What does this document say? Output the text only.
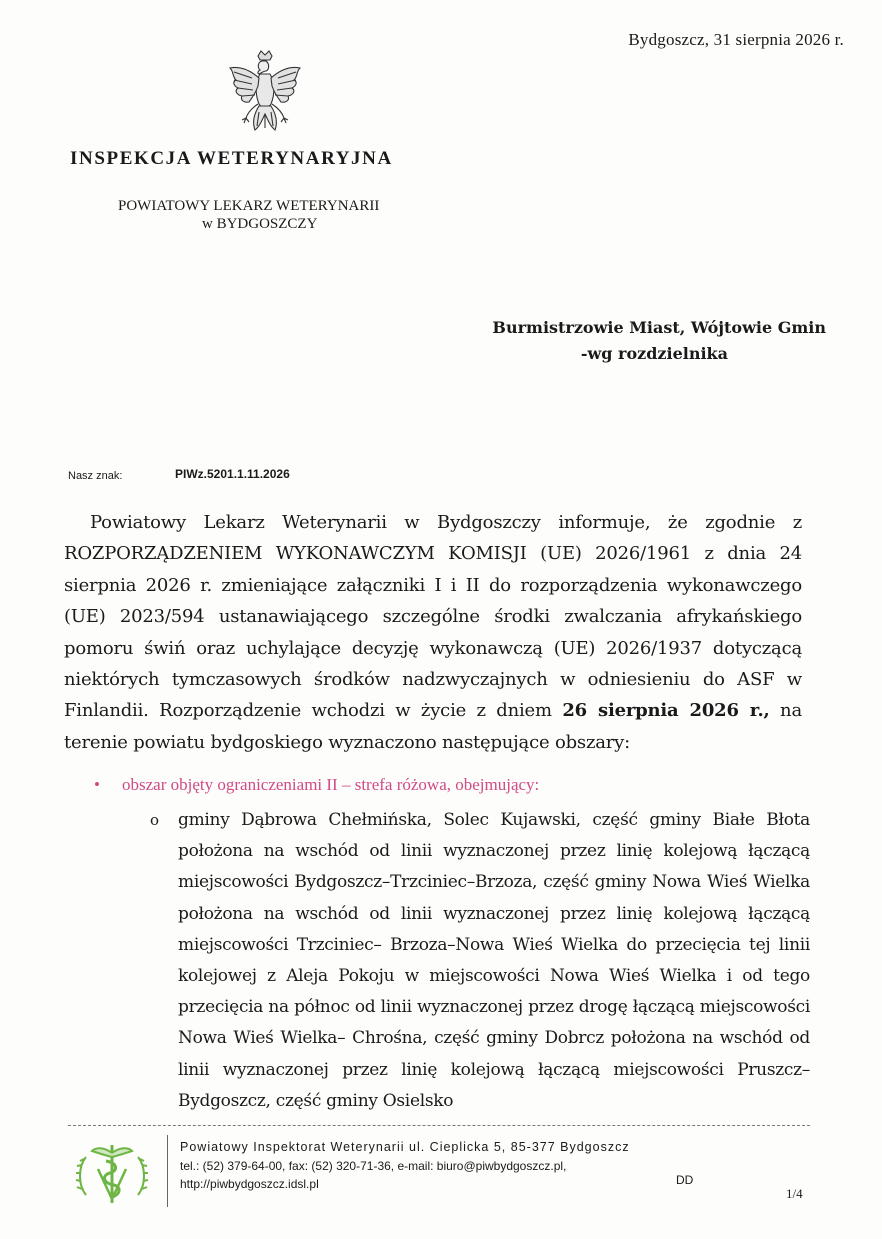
Bydgoszcz, 31 sierpnia 2026 r.
INSPEKCJA WETERYNARYJNA
POWIATOWY LEKARZ WETERYNARII
w BYDGOSZCZY
Burmistrzowie Miast, Wójtowie Gmin
-wg rozdzielnika
Nasz znak:	PIWz.5201.1.11.2026

Powiatowy Lekarz Weterynarii w Bydgoszczy informuje, że zgodnie z ROZPORZĄDZENIEM WYKONAWCZYM KOMISJI (UE) 2026/1961 z dnia 24 sierpnia 2026 r. zmieniające załączniki I i II do rozporządzenia wykonawczego (UE) 2023/594 ustanawiającego szczególne środki zwalczania afrykańskiego pomoru świń oraz uchylające decyzję wykonawczą (UE) 2026/1937 dotyczącą niektórych tymczasowych środków nadzwyczajnych w odniesieniu do ASF w Finlandii. Rozporządzenie wchodzi w życie z dniem 26 sierpnia 2026 r., na terenie powiatu bydgoskiego wyznaczono następujące obszary:

• obszar objęty ograniczeniami II – strefa różowa, obejmujący:
o gminy Dąbrowa Chełmińska, Solec Kujawski, część gminy Białe Błota położona na wschód od linii wyznaczonej przez linię kolejową łączącą miejscowości Bydgoszcz–Trzciniec–Brzoza, część gminy Nowa Wieś Wielka położona na wschód od linii wyznaczonej przez linię kolejową łączącą miejscowości Trzciniec– Brzoza–Nowa Wieś Wielka do przecięcia tej linii kolejowej z Aleja Pokoju w miejscowości Nowa Wieś Wielka i od tego przecięcia na północ od linii wyznaczonej przez drogę łączącą miejscowości Nowa Wieś Wielka– Chrośna, część gminy Dobrcz położona na wschód od linii wyznaczonej przez linię kolejową łączącą miejscowości Pruszcz–Bydgoszcz, część gminy Osielsko
Powiatowy Inspektorat Weterynarii ul. Cieplicka 5, 85-377 Bydgoszcz
tel.: (52) 379-64-00, fax: (52) 320-71-36, e-mail: biuro@piwbydgoszcz.pl,
http://piwbydgoszcz.idsl.pl	DD
1/4
